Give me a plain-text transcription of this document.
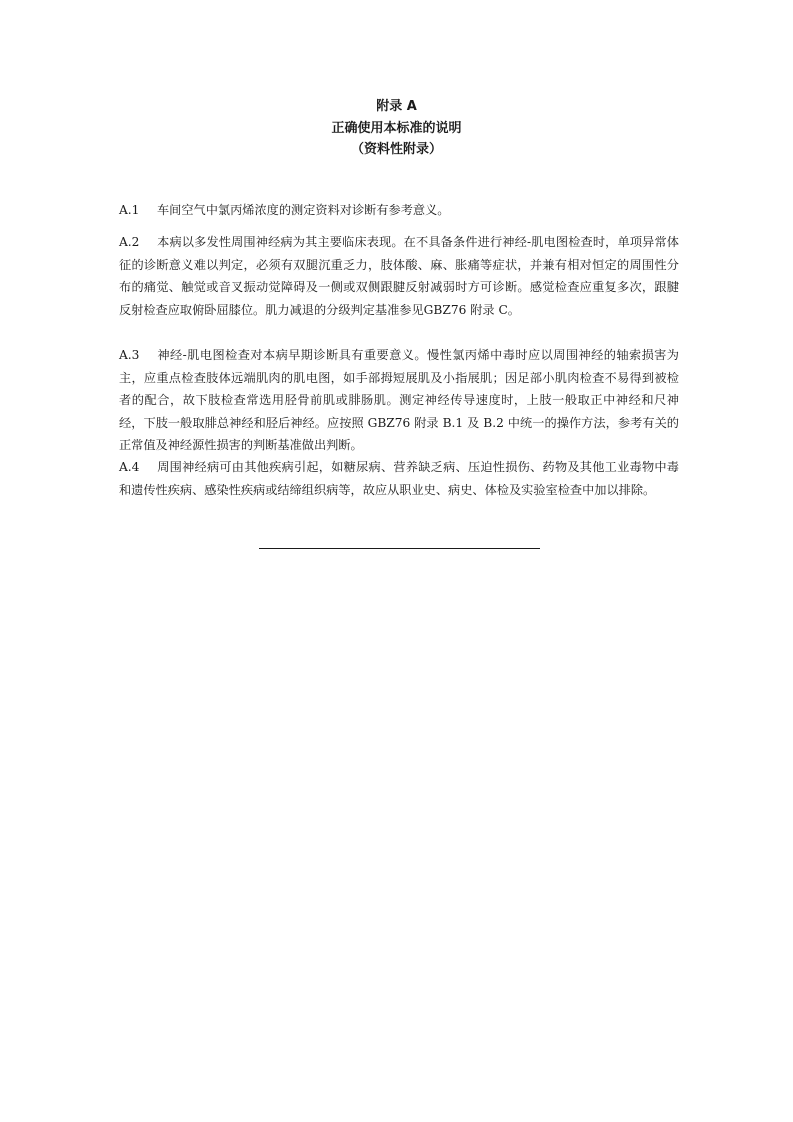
附录 A
正确使用本标准的说明
（资料性附录）
A.1 车间空气中氯丙烯浓度的测定资料对诊断有参考意义。
A.2 本病以多发性周围神经病为其主要临床表现。在不具备条件进行神经-肌电图检查时，单项异常体征的诊断意义难以判定，必须有双腿沉重乏力，肢体酸、麻、胀痛等症状，并兼有相对恒定的周围性分布的痛觉、触觉或音叉振动觉障碍及一侧或双侧跟腱反射减弱时方可诊断。感觉检查应重复多次，跟腱反射检查应取俯卧屈膝位。肌力减退的分级判定基准参见GBZ76 附录 C。
A.3 神经-肌电图检查对本病早期诊断具有重要意义。慢性氯丙烯中毒时应以周围神经的轴索损害为主，应重点检查肢体远端肌肉的肌电图，如手部拇短展肌及小指展肌；因足部小肌肉检查不易得到被检者的配合，故下肢检查常选用胫骨前肌或腓肠肌。测定神经传导速度时，上肢一般取正中神经和尺神经，下肢一般取腓总神经和胫后神经。应按照 GBZ76 附录 B.1 及 B.2 中统一的操作方法，参考有关的正常值及神经源性损害的判断基准做出判断。
A.4 周围神经病可由其他疾病引起，如糖尿病、营养缺乏病、压迫性损伤、药物及其他工业毒物中毒和遗传性疾病、感染性疾病或结缔组织病等，故应从职业史、病史、体检及实验室检查中加以排除。
